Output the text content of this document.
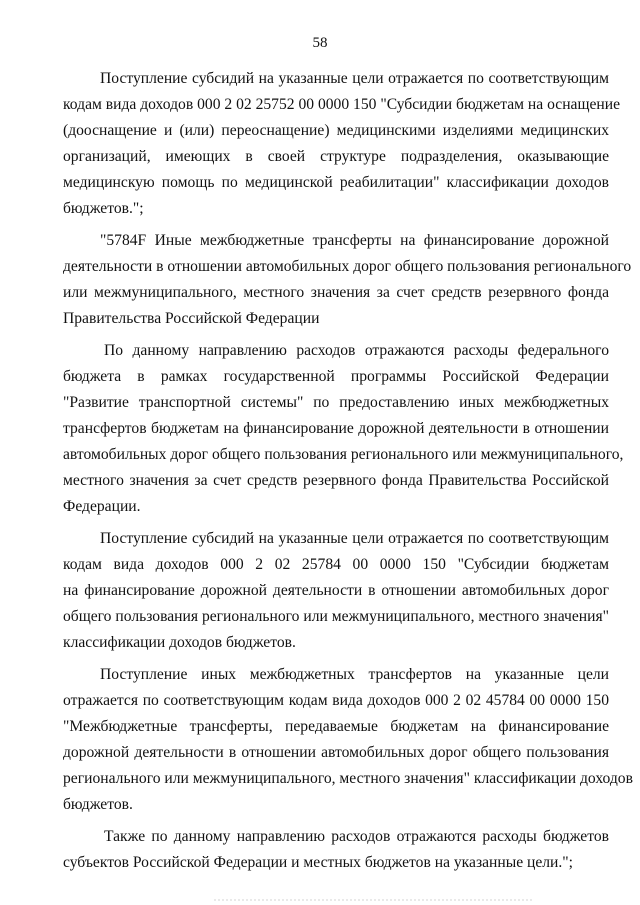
58
Поступление субсидий на указанные цели отражается по соответствующим
кодам вида доходов 000 2 02 25752 00 0000 150 "Субсидии бюджетам на оснащение
(дооснащение и (или) переоснащение) медицинскими изделиями медицинских
организаций, имеющих в своей структуре подразделения, оказывающие
медицинскую помощь по медицинской реабилитации" классификации доходов
бюджетов.";
"5784F Иные межбюджетные трансферты на финансирование дорожной
деятельности в отношении автомобильных дорог общего пользования регионального
или межмуниципального, местного значения за счет средств резервного фонда
Правительства Российской Федерации
По данному направлению расходов отражаются расходы федерального
бюджета в рамках государственной программы Российской Федерации
"Развитие транспортной системы" по предоставлению иных межбюджетных
трансфертов бюджетам на финансирование дорожной деятельности в отношении
автомобильных дорог общего пользования регионального или межмуниципального,
местного значения за счет средств резервного фонда Правительства Российской
Федерации.
Поступление субсидий на указанные цели отражается по соответствующим
кодам вида доходов 000 2 02 25784 00 0000 150 "Субсидии бюджетам
на финансирование дорожной деятельности в отношении автомобильных дорог
общего пользования регионального или межмуниципального, местного значения"
классификации доходов бюджетов.
Поступление иных межбюджетных трансфертов на указанные цели
отражается по соответствующим кодам вида доходов 000 2 02 45784 00 0000 150
"Межбюджетные трансферты, передаваемые бюджетам на финансирование
дорожной деятельности в отношении автомобильных дорог общего пользования
регионального или межмуниципального, местного значения" классификации доходов
бюджетов.
Также по данному направлению расходов отражаются расходы бюджетов
субъектов Российской Федерации и местных бюджетов на указанные цели.";
